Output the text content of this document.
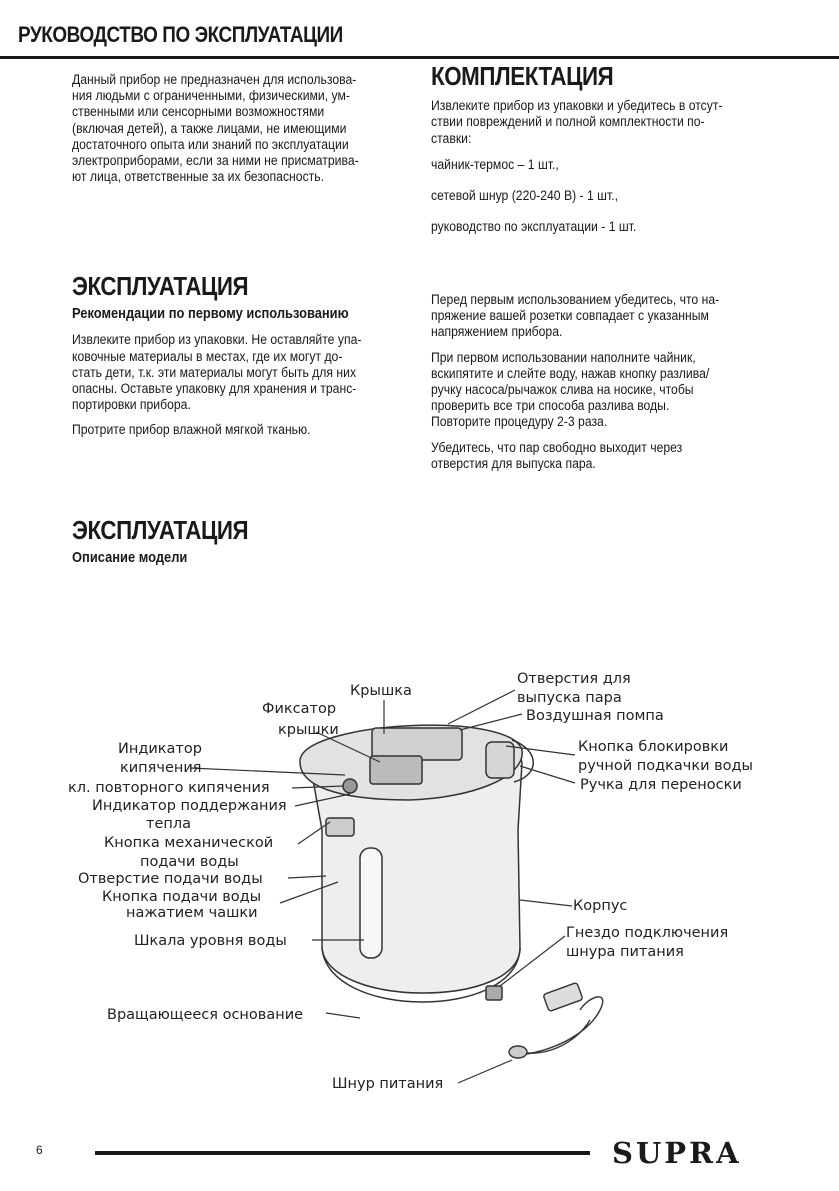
РУКОВОДСТВО ПО ЭКСПЛУАТАЦИИ
Данный прибор не предназначен для использова-
ния людьми с ограниченными, физическими, ум-
ственными или сенсорными возможностями
(включая детей), а также лицами, не имеющими
достаточного опыта или знаний по эксплуатации
электроприборами, если за ними не присматрива-
ют лица, ответственные за их безопасность.
КОМПЛЕКТАЦИЯ
Извлеките прибор из упаковки и убедитесь в отсут-
ствии повреждений и полной комплектности по-
ставки:
чайник-термос – 1 шт.,
сетевой шнур (220-240 В) - 1 шт.,
руководство по эксплуатации - 1 шт.
ЭКСПЛУАТАЦИЯ
Рекомендации по первому использованию
Извлеките прибор из упаковки. Не оставляйте упа-
ковочные материалы в местах, где их могут до-
стать дети, т.к. эти материалы могут быть для них
опасны. Оставьте упаковку для хранения и транс-
портировки прибора.
Протрите прибор влажной мягкой тканью.
Перед первым использованием убедитесь, что на-
пряжение вашей розетки совпадает с указанным
напряжением прибора.
При первом использовании наполните чайник,
вскипятите и слейте воду, нажав кнопку разлива/
ручку насоса/рычажок слива на носике, чтобы
проверить все три способа разлива воды.
Повторите процедуру 2-3 раза.
Убедитесь, что пар свободно выходит через
отверстия для выпуска пара.
ЭКСПЛУАТАЦИЯ
Описание модели
Крышка
Фиксатор
крышки
Индикатор
кипячения
кл. повторного кипячения
Индикатор поддержания
тепла
Кнопка механической
подачи воды
Отверстие подачи воды
Кнопка подачи воды
нажатием чашки
Шкала уровня воды
Вращающееся основание
Шнур питания
Отверстия для
выпуска пара
Воздушная помпа
Кнопка блокировки
ручной подкачки воды
Ручка для переноски
Корпус
Гнездо подключения
шнура питания
6	SUPRA
